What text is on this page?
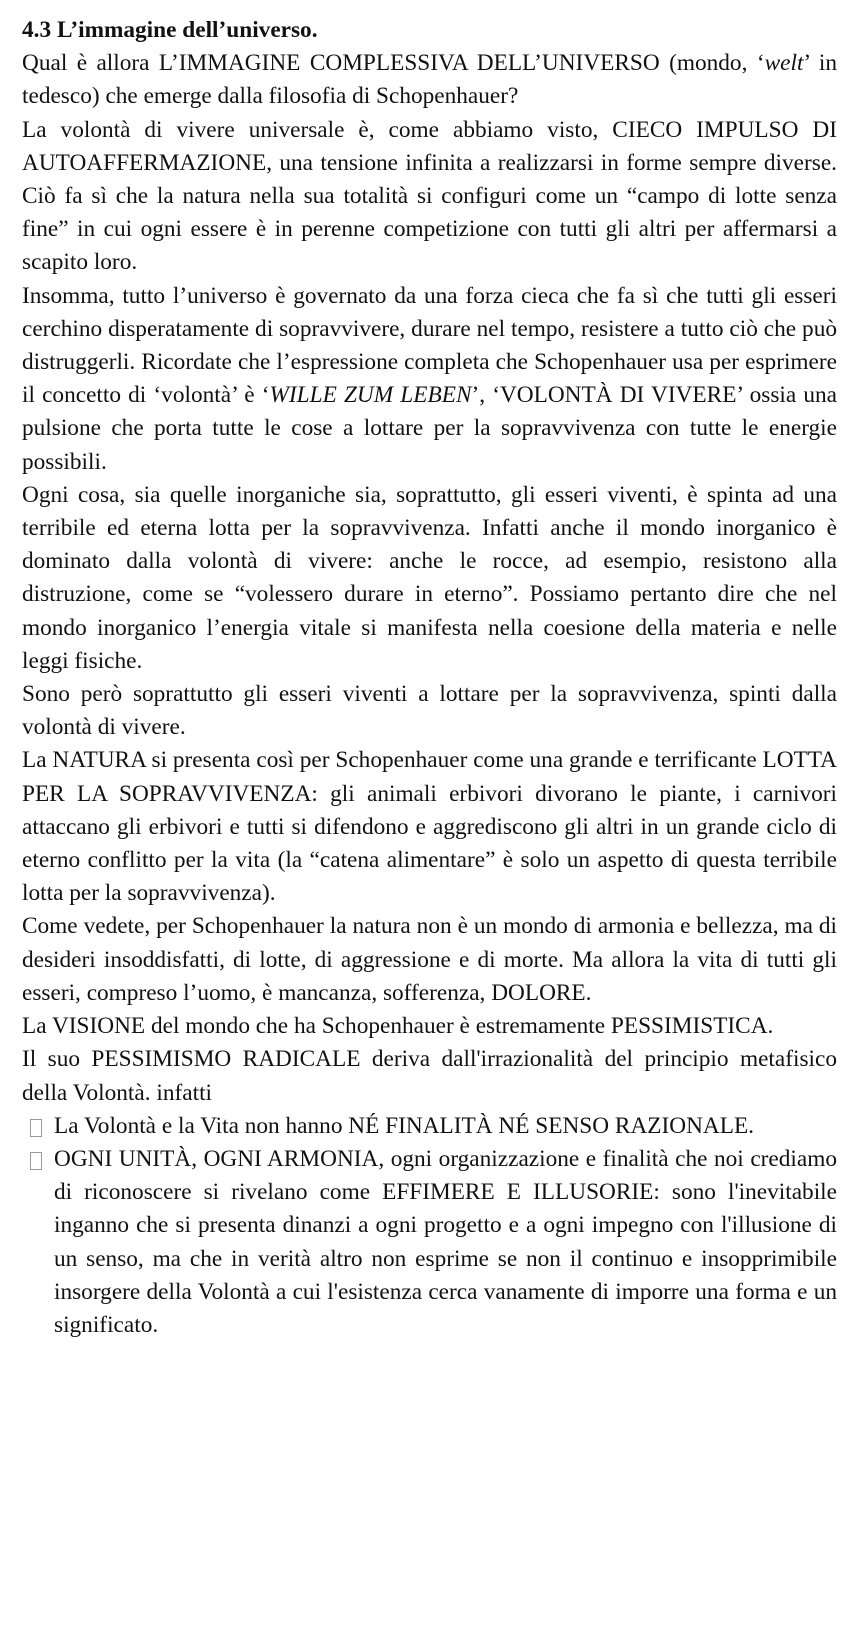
4.3 L’immagine dell’universo.

Qual è allora L’IMMAGINE COMPLESSIVA DELL’UNIVERSO (mondo, ‘welt’ in tedesco) che emerge dalla filosofia di Schopenhauer?

La volontà di vivere universale è, come abbiamo visto, CIECO IMPULSO DI AUTOAFFERMAZIONE, una tensione infinita a realizzarsi in forme sempre diverse. Ciò fa sì che la natura nella sua totalità si configuri come un “campo di lotte senza fine” in cui ogni essere è in perenne competizione con tutti gli altri per affermarsi a scapito loro.

Insomma, tutto l’universo è governato da una forza cieca che fa sì che tutti gli esseri cerchino disperatamente di sopravvivere, durare nel tempo, resistere a tutto ciò che può distruggerli. Ricordate che l’espressione completa che Schopenhauer usa per esprimere il concetto di ‘volontà’ è ‘WILLE ZUM LEBEN’, ‘VOLONTÀ DI VIVERE’ ossia una pulsione che porta tutte le cose a lottare per la sopravvivenza con tutte le energie possibili.

Ogni cosa, sia quelle inorganiche sia, soprattutto, gli esseri viventi, è spinta ad una terribile ed eterna lotta per la sopravvivenza. Infatti anche il mondo inorganico è dominato dalla volontà di vivere: anche le rocce, ad esempio, resistono alla distruzione, come se “volessero durare in eterno”. Possiamo pertanto dire che nel mondo inorganico l’energia vitale si manifesta nella coesione della materia e nelle leggi fisiche.

Sono però soprattutto gli esseri viventi a lottare per la sopravvivenza, spinti dalla volontà di vivere.

La NATURA si presenta così per Schopenhauer come una grande e terrificante LOTTA PER LA SOPRAVVIVENZA: gli animali erbivori divorano le piante, i carnivori attaccano gli erbivori e tutti si difendono e aggrediscono gli altri in un grande ciclo di eterno conflitto per la vita (la “catena alimentare” è solo un aspetto di questa terribile lotta per la sopravvivenza).

Come vedete, per Schopenhauer la natura non è un mondo di armonia e bellezza, ma di desideri insoddisfatti, di lotte, di aggressione e di morte. Ma allora la vita di tutti gli esseri, compreso l’uomo, è mancanza, sofferenza, DOLORE.

La VISIONE del mondo che ha Schopenhauer è estremamente PESSIMISTICA.

Il suo PESSIMISMO RADICALE deriva dall'irrazionalità del principio metafisico della Volontà. infatti

La Volontà e la Vita non hanno NÉ FINALITÀ NÉ SENSO RAZIONALE.
OGNI UNITÀ, OGNI ARMONIA, ogni organizzazione e finalità che noi crediamo di riconoscere si rivelano come EFFIMERE E ILLUSORIE: sono l'inevitabile inganno che si presenta dinanzi a ogni progetto e a ogni impegno con l'illusione di un senso, ma che in verità altro non esprime se non il continuo e insopprimibile insorgere della Volontà a cui l'esistenza cerca vanamente di imporre una forma e un significato.
